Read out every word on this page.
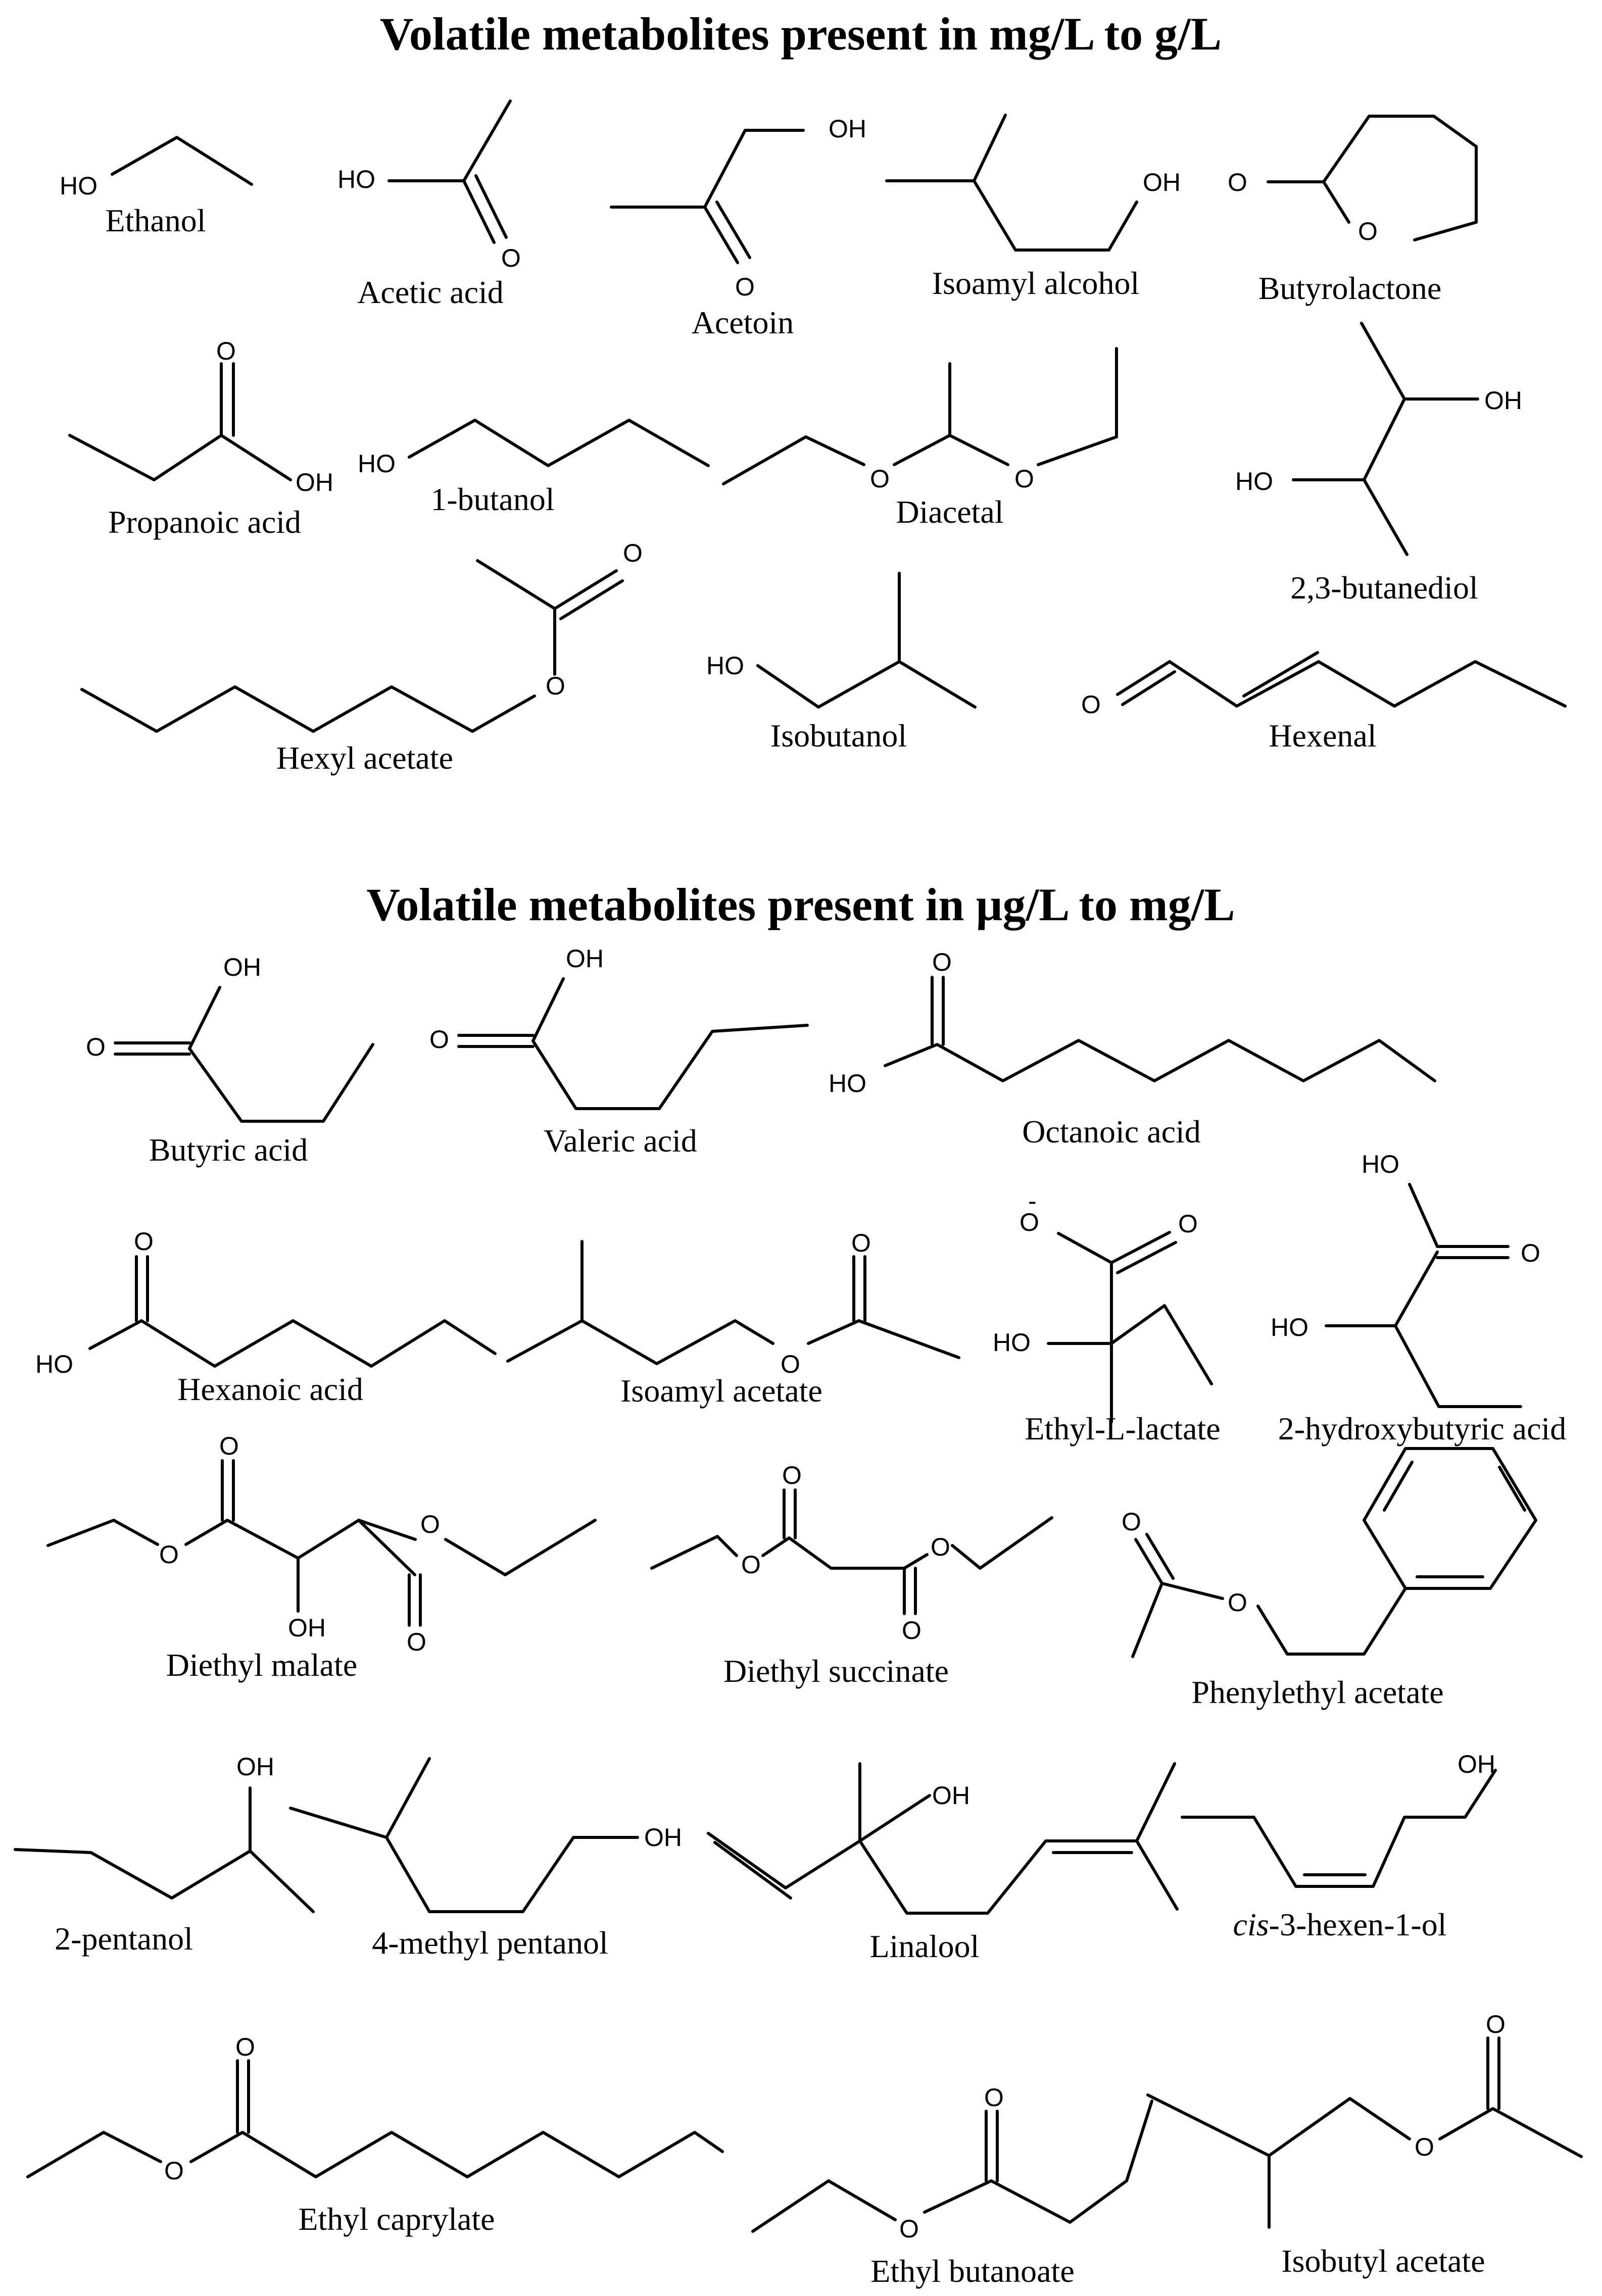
Volatile metabolites present in mg/L to g/L
Volatile metabolites present in µg/L to mg/L
HO
Ethanol
HO
O
Acetic acid
OH
O
Acetoin
OH
Isoamyl alcohol
O
O
Butyrolactone
O
OH
Propanoic acid
HO
1-butanol
O	O
Diacetal
OH
HO
2,3-butanediol
O
O
Hexyl acetate
HO
Isobutanol
O
Hexenal
O
OH
Butyric acid
O
OH
Valeric acid
O
HO
Octanoic acid
O
HO
Hexanoic acid
O
O
Isoamyl acetate
O
-
O
HO
Ethyl-L-lactate
HO
O
HO
2-hydroxybutyric acid
O
O
O
OH	O
Diethyl malate
O
O
O
O
Diethyl succinate
O
O
Phenylethyl acetate
OH
2-pentanol
OH
4-methyl pentanol
OH
Linalool
OH
cis-3-hexen-1-ol
O
O
Ethyl caprylate	O
O
Ethyl butanoate
O
O
Isobutyl acetate
